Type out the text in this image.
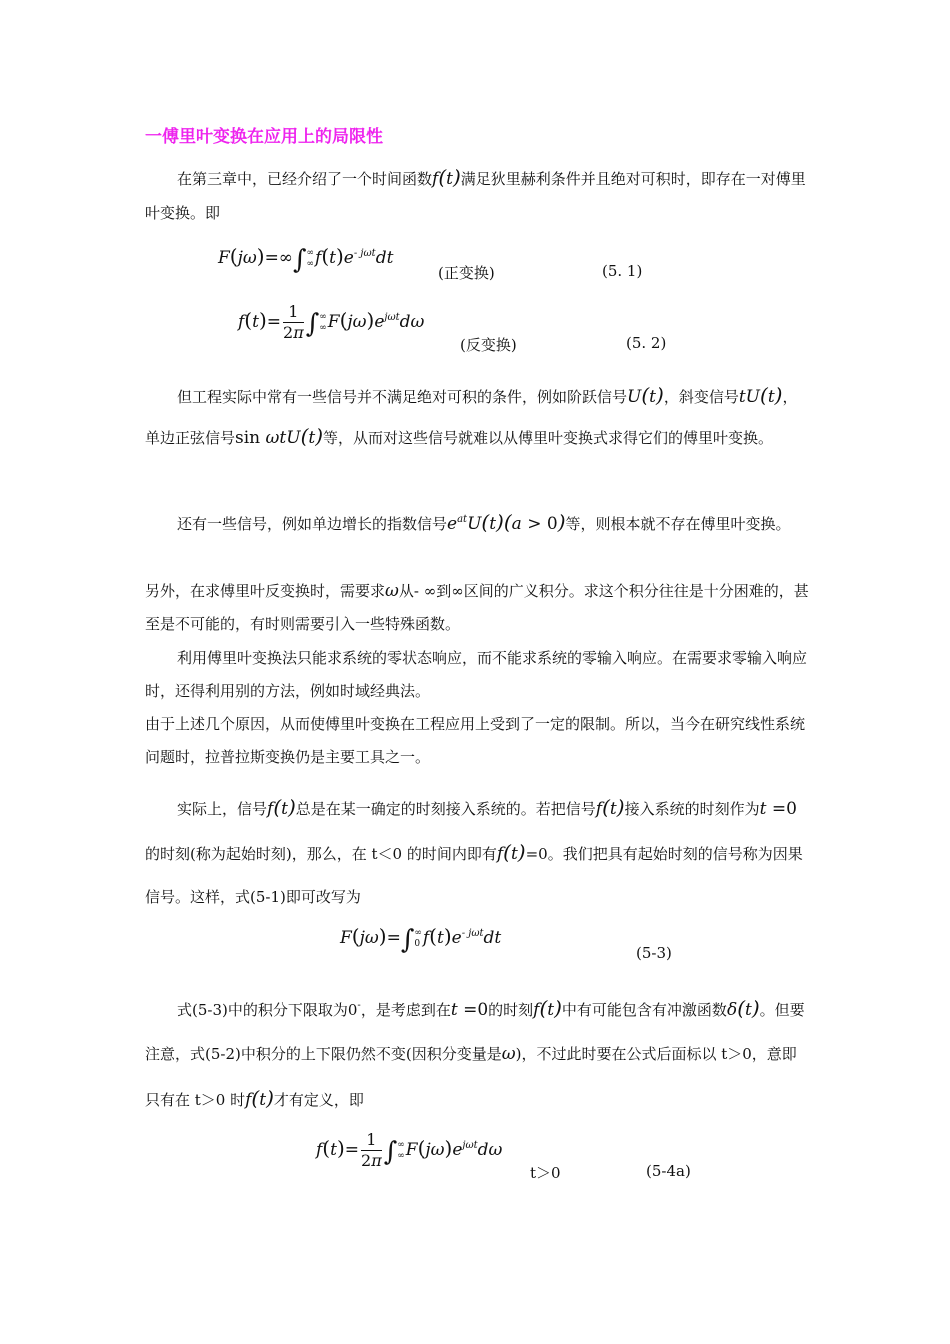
一傅里叶变换在应用上的局限性
在第三章中，已经介绍了一个时间函数f(t)满足狄里赫利条件并且绝对可积时，即存在一对傅里叶变换。即
F(jω)=∞∫∞
$\infty f(t)e^{- j\omega t}dt$
(正变换)	(5. 1)
$f(t)= \frac{1}{2\pi}$ ∫∞
$\infty F(j\omega)e^{j\omega t}d\omega$
(反变换)	(5. 2)
但工程实际中常有一些信号并不满足绝对可积的条件，例如阶跃信号U(t)，斜变信号tU(t)，单边正弦信号sin ωtU(t)等，从而对这些信号就难以从傅里叶变换式求得它们的傅里叶变换。
还有一些信号，例如单边增长的指数信号$e^{at}U(t)(a > 0)$等，则根本就不存在傅里叶变换。
另外，在求傅里叶反变换时，需要求ω从- ∞到∞区间的广义积分。求这个积分往往是十分困难的，甚至是不可能的，有时则需要引入一些特殊函数。
利用傅里叶变换法只能求系统的零状态响应，而不能求系统的零输入响应。在需要求零输入响应时，还得利用别的方法，例如时域经典法。
由于上述几个原因，从而使傅里叶变换在工程应用上受到了一定的限制。所以，当今在研究线性系统问题时，拉普拉斯变换仍是主要工具之一。
实际上，信号f(t)总是在某一确定的时刻接入系统的。若把信号f(t)接入系统的时刻作为t =0的时刻(称为起始时刻)，那么，在 t＜0 的时间内即有f(t)=0。我们把具有起始时刻的信号称为因果信号。这样，式(5-1)即可改写为
F(jω)=∫∞
0 $f(t)e^{- j\omega t}dt$
(5-3)
式(5-3)中的积分下限取为0-，是考虑到在t =0的时刻f(t)中有可能包含有冲激函数δ(t)。但要注意，式(5-2)中积分的上下限仍然不变(因积分变量是ω)，不过此时要在公式后面标以 t＞0，意即只有在 t＞0 时f(t)才有定义，即
$f(t)= \frac{1}{2\pi}$ ∫∞
$\infty F(j\omega)e^{j\omega t}d\omega$
t＞0	(5-4a)
